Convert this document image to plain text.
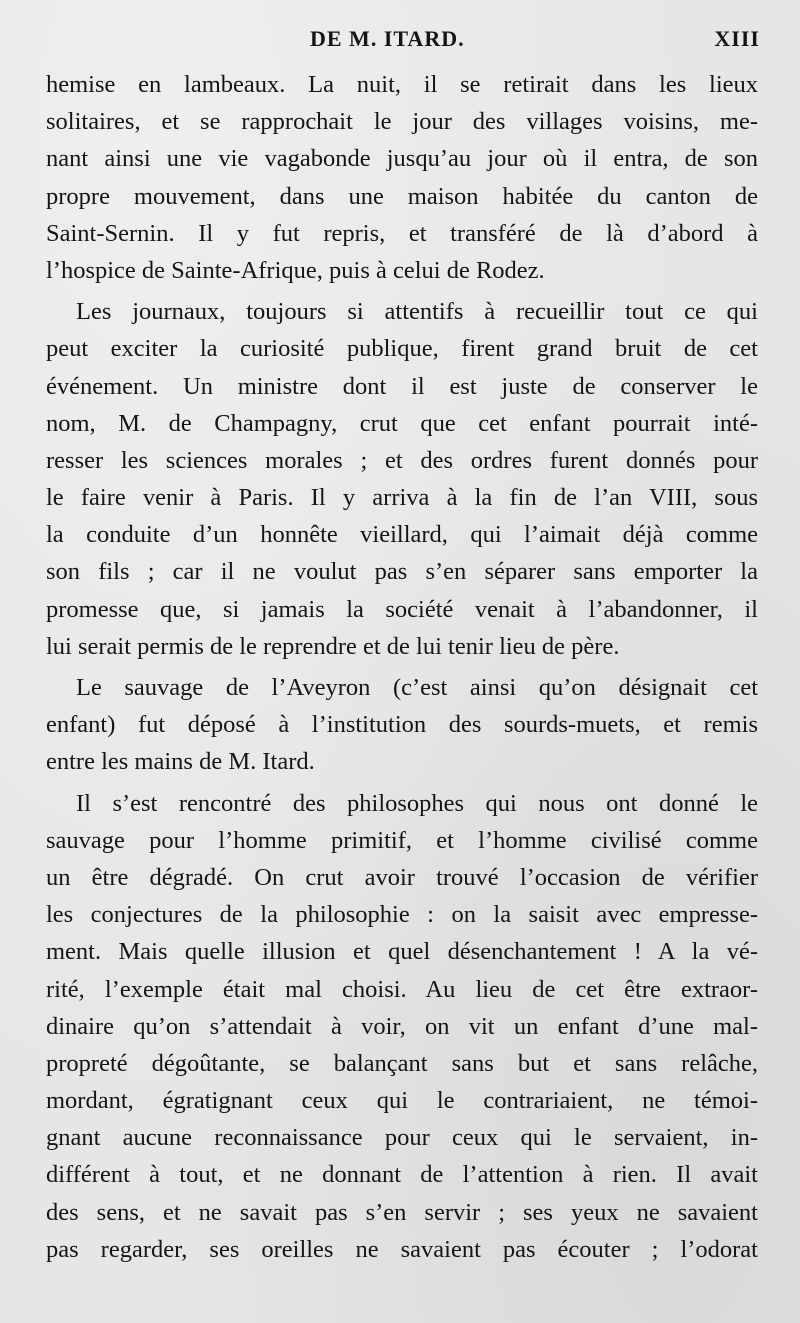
DE M. ITARD.	XIII
hemise en lambeaux. La nuit, il se retirait dans les lieux
solitaires, et se rapprochait le jour des villages voisins, me-
nant ainsi une vie vagabonde jusqu’au jour où il entra, de son
propre mouvement, dans une maison habitée du canton de
Saint-Sernin. Il y fut repris, et transféré de là d’abord à
l’hospice de Sainte-Afrique, puis à celui de Rodez.
Les journaux, toujours si attentifs à recueillir tout ce qui
peut exciter la curiosité publique, firent grand bruit de cet
événement. Un ministre dont il est juste de conserver le
nom, M. de Champagny, crut que cet enfant pourrait inté-
resser les sciences morales ; et des ordres furent donnés pour
le faire venir à Paris. Il y arriva à la fin de l’an VIII, sous
la conduite d’un honnête vieillard, qui l’aimait déjà comme
son fils ; car il ne voulut pas s’en séparer sans emporter la
promesse que, si jamais la société venait à l’abandonner, il
lui serait permis de le reprendre et de lui tenir lieu de père.
Le sauvage de l’Aveyron (c’est ainsi qu’on désignait cet
enfant) fut déposé à l’institution des sourds-muets, et remis
entre les mains de M. Itard.
Il s’est rencontré des philosophes qui nous ont donné le
sauvage pour l’homme primitif, et l’homme civilisé comme
un être dégradé. On crut avoir trouvé l’occasion de vérifier
les conjectures de la philosophie : on la saisit avec empresse-
ment. Mais quelle illusion et quel désenchantement ! A la vé-
rité, l’exemple était mal choisi. Au lieu de cet être extraor-
dinaire qu’on s’attendait à voir, on vit un enfant d’une mal-
propreté dégoûtante, se balançant sans but et sans relâche,
mordant, égratignant ceux qui le contrariaient, ne témoi-
gnant aucune reconnaissance pour ceux qui le servaient, in-
différent à tout, et ne donnant de l’attention à rien. Il avait
des sens, et ne savait pas s’en servir ; ses yeux ne savaient
pas regarder, ses oreilles ne savaient pas écouter ; l’odorat
